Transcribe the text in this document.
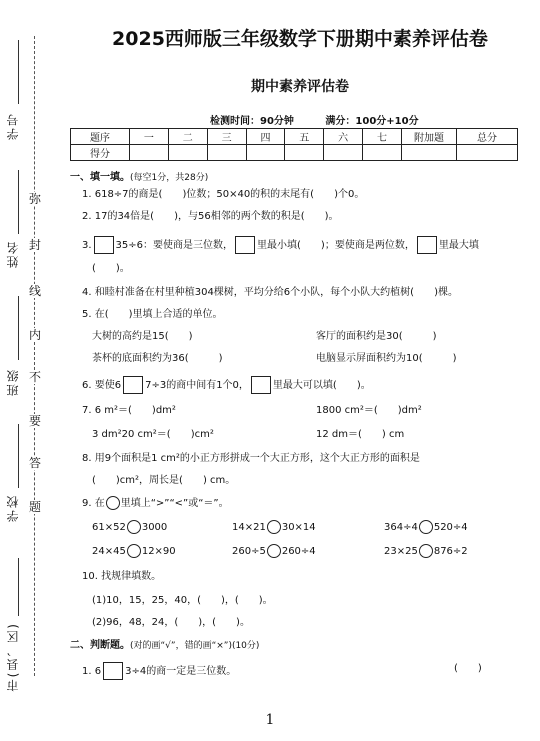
弥
封
线
内
不
要
答
题
学号
姓名
班级
学校
市(县、区)
2025西师版三年级数学下册期中素养评估卷
期中素养评估卷
检测时间：90分钟	满分：100分+10分
题序	一	二	三	四	五	六	七	附加题	总分
得分									
一、填一填。(每空1分，共28分)
1. 618÷7的商是(　　)位数；50×40的积的末尾有(　　)个0。
2. 17的34倍是(　　)，与56相邻的两个数的积是(　　)。
3. 35÷6：要使商是三位数， 里最小填(　　)；要使商是两位数， 里最大填
(　　)。
4. 和睦村准备在村里种植304棵树，平均分给6个小队，每个小队大约植树(　　)棵。
5. 在(　　)里填上合适的单位。
大树的高约是15(　　)	客厅的面积约是30(　　　)
茶杯的底面积约为36(　　　)	电脑显示屏面积约为10(　　　)
6. 要使6 7÷3的商中间有1个0， 里最大可以填(　　)。
7. 6 m²＝(　　)dm²	1800 cm²＝(　　)dm²
3 dm²20 cm²＝(　　)cm²	12 dm＝(　　) cm
8. 用9个面积是1 cm²的小正方形拼成一个大正方形，这个大正方形的面积是
(　　)cm²，周长是(　　) cm。
9. 在 里填上“>”“<”或“＝”。
61×52 3000	14×21 30×14	364÷4 520÷4
24×45 12×90	260÷5 260÷4	23×25 876÷2
10. 找规律填数。
(1)10，15，25，40，(　　)，(　　)。
(2)96，48，24，(　　)，(　　)。
二、判断题。(对的画“√”，错的画“×”)(10分)
1. 6 3÷4的商一定是三位数。	(　　)
1
